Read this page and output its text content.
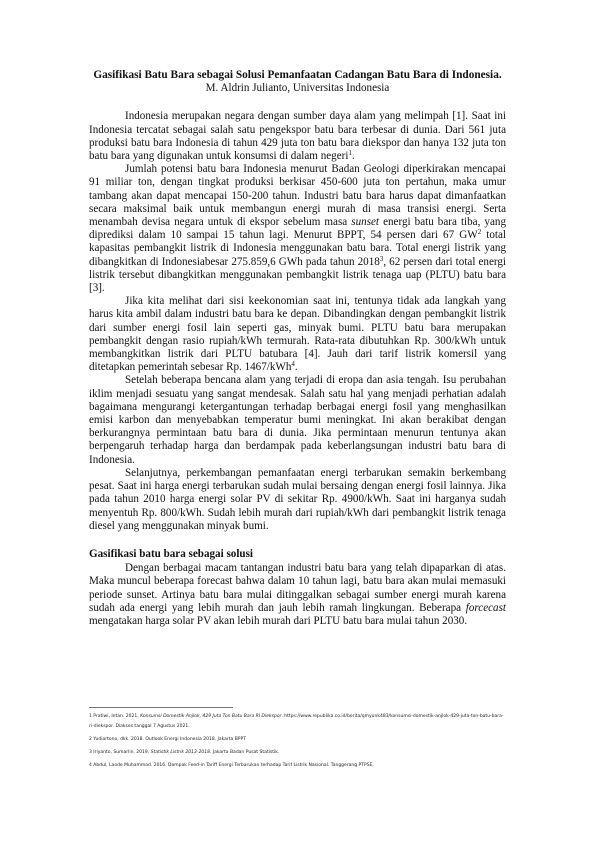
Gasifikasi Batu Bara sebagai Solusi Pemanfaatan Cadangan Batu Bara di Indonesia.

M. Aldrin Julianto, Universitas Indonesia

Indonesia merupakan negara dengan sumber daya alam yang melimpah [1]. Saat ini Indonesia tercatat sebagai salah satu pengekspor batu bara terbesar di dunia. Dari 561 juta produksi batu bara Indonesia di tahun 429 juta ton batu bara diekspor dan hanya 132 juta ton batu bara yang digunakan untuk konsumsi di dalam negeri$^1$.

Jumlah potensi batu bara Indonesia menurut Badan Geologi diperkirakan mencapai 91 miliar ton, dengan tingkat produksi berkisar 450-600 juta ton pertahun, maka umur tambang akan dapat mencapai 150-200 tahun. Industri batu bara harus dapat dimanfaatkan secara maksimal baik untuk membangun energi murah di masa transisi energi. Serta menambah devisa negara untuk di ekspor sebelum masa sunset energi batu bara tiba, yang diprediksi dalam 10 sampai 15 tahun lagi. Menurut BPPT, 54 persen dari 67 $GW^2$ total kapasitas pembangkit listrik di Indonesia menggunakan batu bara. Total energi listrik yang dibangkitkan di Indonesiabesar 275.859,6 GWh pada tahun 2018$^3$, 62 persen dari total energi listrik tersebut dibangkitkan menggunakan pembangkit listrik tenaga uap (PLTU) batu bara [3].

Jika kita melihat dari sisi keekonomian saat ini, tentunya tidak ada langkah yang harus kita ambil dalam industri batu bara ke depan. Dibandingkan dengan pembangkit listrik dari sumber energi fosil lain seperti gas, minyak bumi. PLTU batu bara merupakan pembangkit dengan rasio rupiah/kWh termurah. Rata-rata dibutuhkan Rp. 300/kWh untuk membangkitkan listrik dari PLTU batubara [4]. Jauh dari tarif listrik komersil yang ditetapkan pemerintah sebesar Rp. 1467/kWh$^4$.

Setelah beberapa bencana alam yang terjadi di eropa dan asia tengah. Isu perubahan iklim menjadi sesuatu yang sangat mendesak. Salah satu hal yang menjadi perhatian adalah bagaimana mengurangi ketergantungan terhadap berbagai energi fosil yang menghasilkan emisi karbon dan menyebabkan temperatur bumi meningkat. Ini akan berakibat dengan berkurangnya permintaan batu bara di dunia. Jika permintaan menurun tentunya akan berpengaruh terhadap harga dan berdampak pada keberlangsungan industri batu bara di Indonesia.

Selanjutnya, perkembangan pemanfaatan energi terbarukan semakin berkembang pesat. Saat ini harga energi terbarukan sudah mulai bersaing dengan energi fosil lainnya. Jika pada tahun 2010 harga energi solar PV di sekitar Rp. 4900/kWh. Saat ini harganya sudah menyentuh Rp. 800/kWh. Sudah lebih murah dari rupiah/kWh dari pembangkit listrik tenaga diesel yang menggunakan minyak bumi.

Gasifikasi batu bara sebagai solusi

Dengan berbagai macam tantangan industri batu bara yang telah dipaparkan di atas. Maka muncul beberapa forecast bahwa dalam 10 tahun lagi, batu bara akan mulai memasuki periode sunset. Artinya batu bara mulai ditinggalkan sebagai sumber energi murah karena sudah ada energi yang lebih murah dan jauh lebih ramah lingkungan. Beberapa forcecast mengatakan harga solar PV akan lebih murah dari PLTU batu bara mulai tahun 2030.

1 Pratiwi, Intan. 2021. Konsumsi Domestik Anjlok, 429 Juta Ton Batu Bara RI Diekspor. https://www.republika.co.id/berita/qmyunk483/konsumsi-domestik-anjlok-429-juta-ton-batu-bara-ri-diekspor. Diakses tanggal 7 Agustus 2021.

2 Yudiartono, dkk. 2018. Outlook Energi Indonesia 2018. Jakarta BPPT

3 Iriyanto, Sumarlin. 2019. Statistik Listrik 2013-2018. Jakarta Badan Pusat Statistik.

4 Abdul, Laode Muhammad. 2016. Dampak Feed-in Tariff Energi Terbarukan terhadap Tarif Listrik Nasional. Tanggerang PTPSE.
